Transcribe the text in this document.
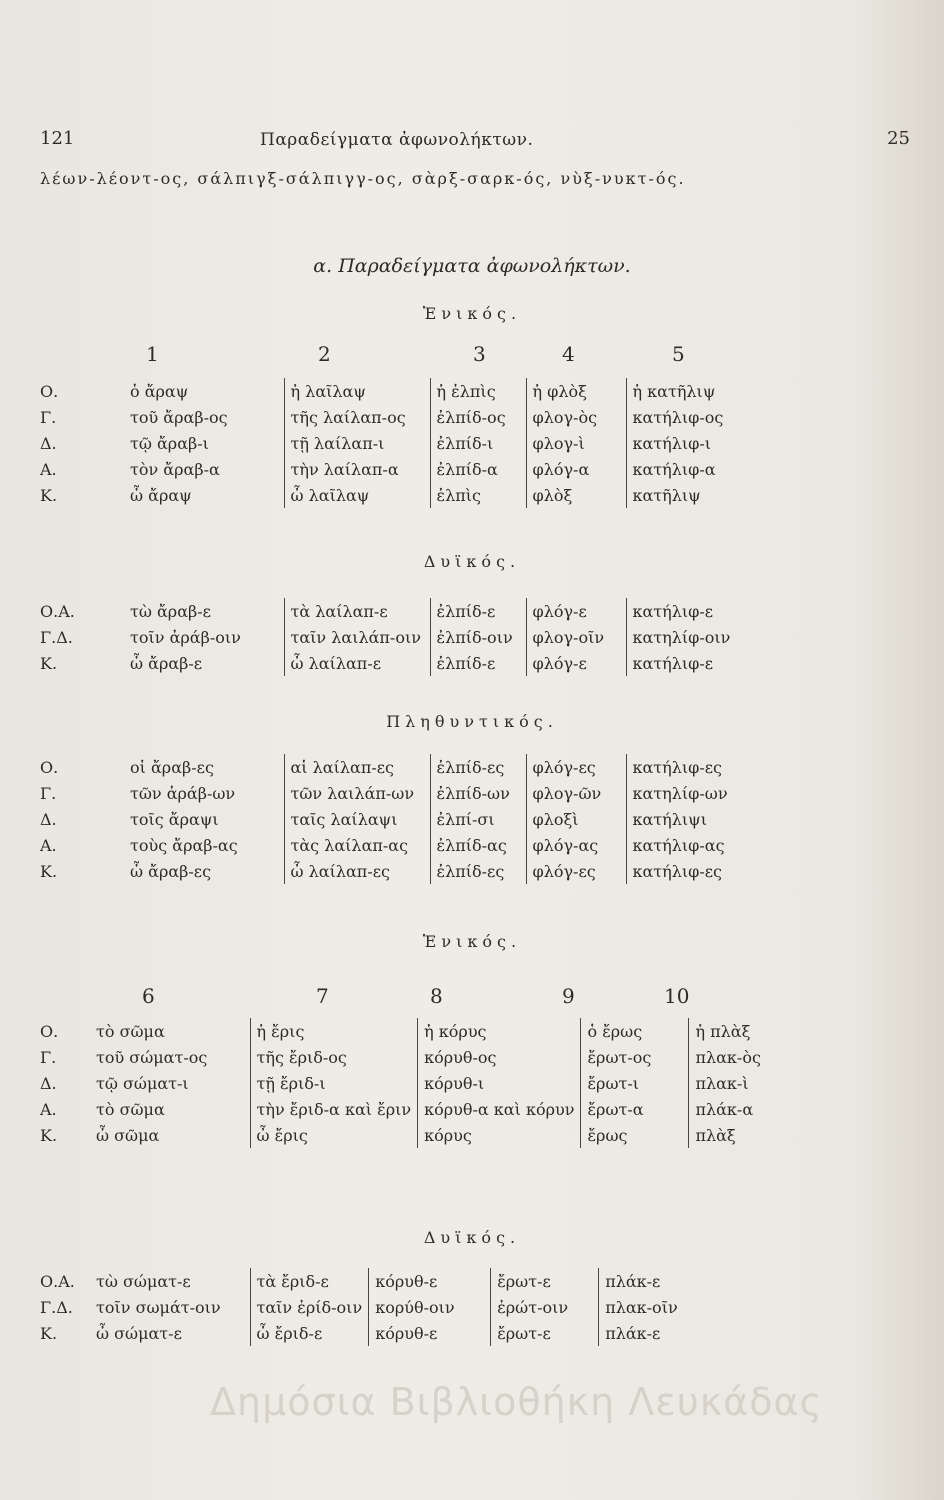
121	Παραδείγματα ἀφωνολήκτων.	25
λέων-λέοντ-ος, σάλπιγξ-σάλπιγγ-ος, σὰρξ-σαρκ-ός, νὺξ-νυκτ-ός.
α. Παραδείγματα ἀφωνολήκτων.
Ἑνικός.
1	2	3	4	5
Ο.	ὁ ἄραψ	ἡ λαῖλαψ	ἡ ἐλπὶς	ἡ φλὸξ	ἡ κατῆλιψ
Γ.	τοῦ ἄραβ-ος	τῆς λαίλαπ-ος	ἐλπίδ-ος	φλογ-ὸς	κατήλιφ-ος
Δ.	τῷ ἄραβ-ι	τῇ λαίλαπ-ι	ἐλπίδ-ι	φλογ-ὶ	κατήλιφ-ι
Α.	τὸν ἄραβ-α	τὴν λαίλαπ-α	ἐλπίδ-α	φλόγ-α	κατήλιφ-α
Κ.	ὦ ἄραψ	ὦ λαῖλαψ	ἐλπὶς	φλὸξ	κατῆλιψ
Δυϊκός.
Ο.Α.	τὼ ἄραβ-ε	τὰ λαίλαπ-ε	ἐλπίδ-ε	φλόγ-ε	κατήλιφ-ε
Γ.Δ.	τοῖν ἀράβ-οιν	ταῖν λαιλάπ-οιν	ἐλπίδ-οιν	φλογ-οῖν	κατηλίφ-οιν
Κ.	ὦ ἄραβ-ε	ὦ λαίλαπ-ε	ἐλπίδ-ε	φλόγ-ε	κατήλιφ-ε
Πληθυντικός.
Ο.	οἱ ἄραβ-ες	αἱ λαίλαπ-ες	ἐλπίδ-ες	φλόγ-ες	κατήλιφ-ες
Γ.	τῶν ἀράβ-ων	τῶν λαιλάπ-ων	ἐλπίδ-ων	φλογ-ῶν	κατηλίφ-ων
Δ.	τοῖς ἄραψι	ταῖς λαίλαψι	ἐλπί-σι	φλοξὶ	κατήλιψι
Α.	τοὺς ἄραβ-ας	τὰς λαίλαπ-ας	ἐλπίδ-ας	φλόγ-ας	κατήλιφ-ας
Κ.	ὦ ἄραβ-ες	ὦ λαίλαπ-ες	ἐλπίδ-ες	φλόγ-ες	κατήλιφ-ες
Ἑνικός.
6	7	8	9	10
Ο.	τὸ σῶμα	ἡ ἔρις	ἡ κόρυς	ὁ ἔρως	ἡ πλὰξ
Γ.	τοῦ σώματ-ος	τῆς ἔριδ-ος	κόρυθ-ος	ἔρωτ-ος	πλακ-ὸς
Δ.	τῷ σώματ-ι	τῇ ἔριδ-ι	κόρυθ-ι	ἔρωτ-ι	πλακ-ὶ
Α.	τὸ σῶμα	τὴν ἔριδ-α καὶ ἔριν	κόρυθ-α καὶ κόρυν	ἔρωτ-α	πλάκ-α
Κ.	ὦ σῶμα	ὦ ἔρις	κόρυς	ἔρως	πλὰξ
Δυϊκός.
Ο.Α.	τὼ σώματ-ε	τὰ ἔριδ-ε	κόρυθ-ε	ἔρωτ-ε	πλάκ-ε
Γ.Δ.	τοῖν σωμάτ-οιν	ταῖν ἐρίδ-οιν	κορύθ-οιν	ἐρώτ-οιν	πλακ-οῖν
Κ.	ὦ σώματ-ε	ὦ ἔριδ-ε	κόρυθ-ε	ἔρωτ-ε	πλάκ-ε
Δημόσια Βιβλιοθήκη Λευκάδας
